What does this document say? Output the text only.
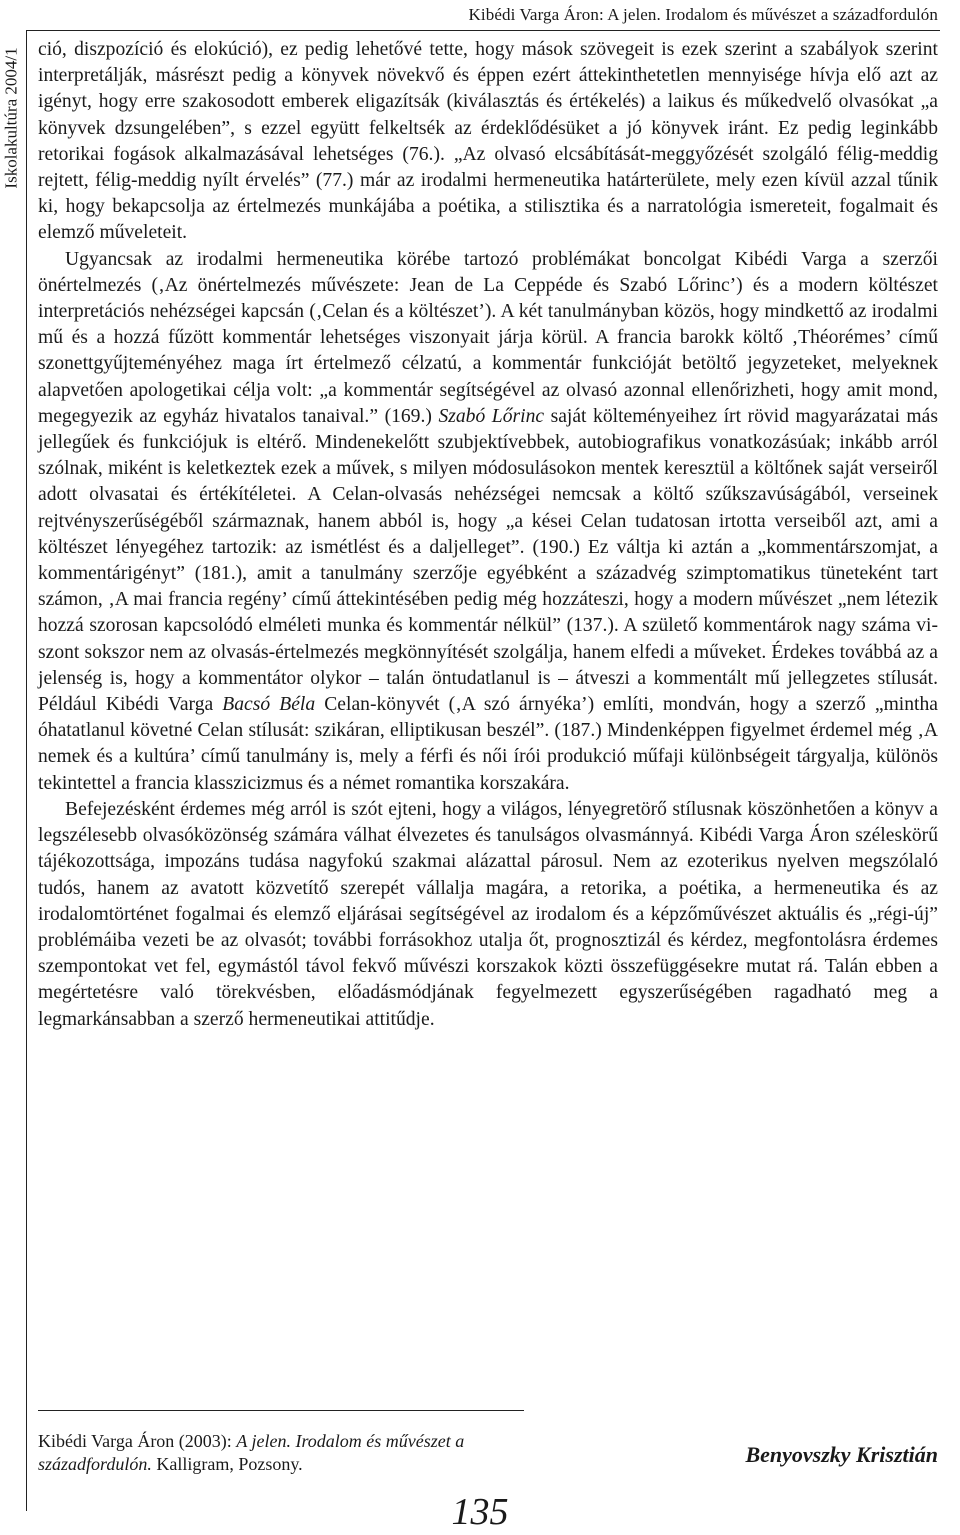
Kibédi Varga Áron: A jelen. Irodalom és művészet a századfordulón
Iskolakultúra 2004/1 ció, diszpozíció és elokúció), ez pedig lehetővé tette, hogy mások szövegeit is ezek szerint a szabályok szerint interpretálják, másrészt pedig a könyvek növekvő és éppen ezért áttekinthetetlen mennyisége hívja elő azt az igényt, hogy erre szakosodott emberek eligazítsák (kiválasztás és értékelés) a laikus és műkedvelő olvasókat „a könyvek dzsungelében”, s ezzel együtt felkeltsék az érdeklődésüket a jó könyvek iránt. Ez pedig leginkább retorikai fogások alkalmazásával lehetséges (76.). „Az olvasó elcsábítását-meggyőzését szolgáló félig-meddig rejtett, félig-meddig nyílt érvelés” (77.) már az irodalmi hermeneutika határterülete, mely ezen kívül azzal tűnik ki, hogy bekapcsolja az értelmezés munkájába a poétika, a stilisztika és a narratológia ismereteit, fogalmait és elemző műveleteit.

Ugyancsak az irodalmi hermeneutika körébe tartozó problémákat boncolgat Kibédi Varga a szerzői önértelmezés (‚Az önértelmezés művészete: Jean de La Ceppéde és Szabó Lőrinc’) és a modern költészet interpretációs nehézségei kapcsán (‚Celan és a költészet’). A két tanulmányban közös, hogy mindkettő az irodalmi mű és a hozzá fűzött kommentár lehetséges viszonyait járja körül. A francia barokk költő ‚Théorémes’ című szonettgyűjteményéhez maga írt értelmező célzatú, a kommentár funkcióját betöltő jegyzeteket, melyeknek alapvetően apologetikai célja volt: „a kommentár segítségével az olvasó azonnal ellenőrizheti, hogy amit mond, megegyezik az egyház hivatalos tanaival.” (169.) Szabó Lőrinc saját költeményeihez írt rövid magyarázatai más jellegűek és funkciójuk is eltérő. Mindenekelőtt szubjektívebbek, autobiografikus vonatkozásúak; inkább arról szólnak, miként is keletkeztek ezek a művek, s milyen módosulásokon mentek keresztül a költőnek saját verseiről adott olvasatai és értékítéletei. A Celan-olvasás nehézségei nemcsak a költő szűkszavúságából, verseinek rejtvényszerűségéből származnak, hanem abból is, hogy „a kései Celan tudatosan irtotta verseiből azt, ami a költészet lényegéhez tartozik: az ismétlést és a daljelleget”. (190.) Ez váltja ki aztán a „kommentárszomjat, a kommentárigényt” (181.), amit a tanulmány szerzője egyébként a századvég szimptomatikus tüneteként tart számon, ‚A mai francia regény’ című áttekintésében pedig még hozzáteszi, hogy a modern művészet „nem létezik hozzá szorosan kapcsolódó elméleti munka és kommentár nélkül” (137.). A születő kommentárok nagy száma viszont sokszor nem az olvasás-értelmezés megkönnyítését szolgálja, hanem elfedi a műveket. Érdekes továbbá az a jelenség is, hogy a kommentátor olykor – talán öntudatlanul is – átveszi a kommentált mű jellegzetes stílusát. Például Kibédi Varga Bacsó Béla Celan-könyvét (‚A szó árnyéka’) említi, mondván, hogy a szerző „mintha óhatatlanul követné Celan stílusát: szikáran, elliptikusan beszél”. (187.) Mindenképpen figyelmet érdemel még ‚A nemek és a kultúra’ című tanulmány is, mely a férfi és női írói produkció műfaji különbségeit tárgyalja, különös tekintettel a francia klasszicizmus és a német romantika korszakára.

Befejezésként érdemes még arról is szót ejteni, hogy a világos, lényegretörő stílusnak köszönhetően a könyv a legszélesebb olvasóközönség számára válhat élvezetes és tanulságos olvasmánnyá. Kibédi Varga Áron széleskörű tájékozottsága, impozáns tudása nagyfokú szakmai alázattal párosul. Nem az ezoterikus nyelven megszólaló tudós, hanem az avatott közvetítő szerepét vállalja magára, a retorika, a poétika, a hermeneutika és az irodalomtörténet fogalmai és elemző eljárásai segítségével az irodalom és a képzőművészet aktuális és „régi-új” problémáiba vezeti be az olvasót; további forrásokhoz utalja őt, prognosztizál és kérdez, megfontolásra érdemes szempontokat vet fel, egymástól távol fekvő művészi korszakok közti összefüggésekre mutat rá. Talán ebben a megértetésre való törekvésben, előadásmódjának fegyelmezett egyszerűségében ragadható meg a legmarkánsabban a szerző hermeneutikai attitűdje.

Kibédi Varga Áron (2003): A jelen. Irodalom és művészet a századfordulón. Kalligram, Pozsony.	Benyovszky Krisztián
135
